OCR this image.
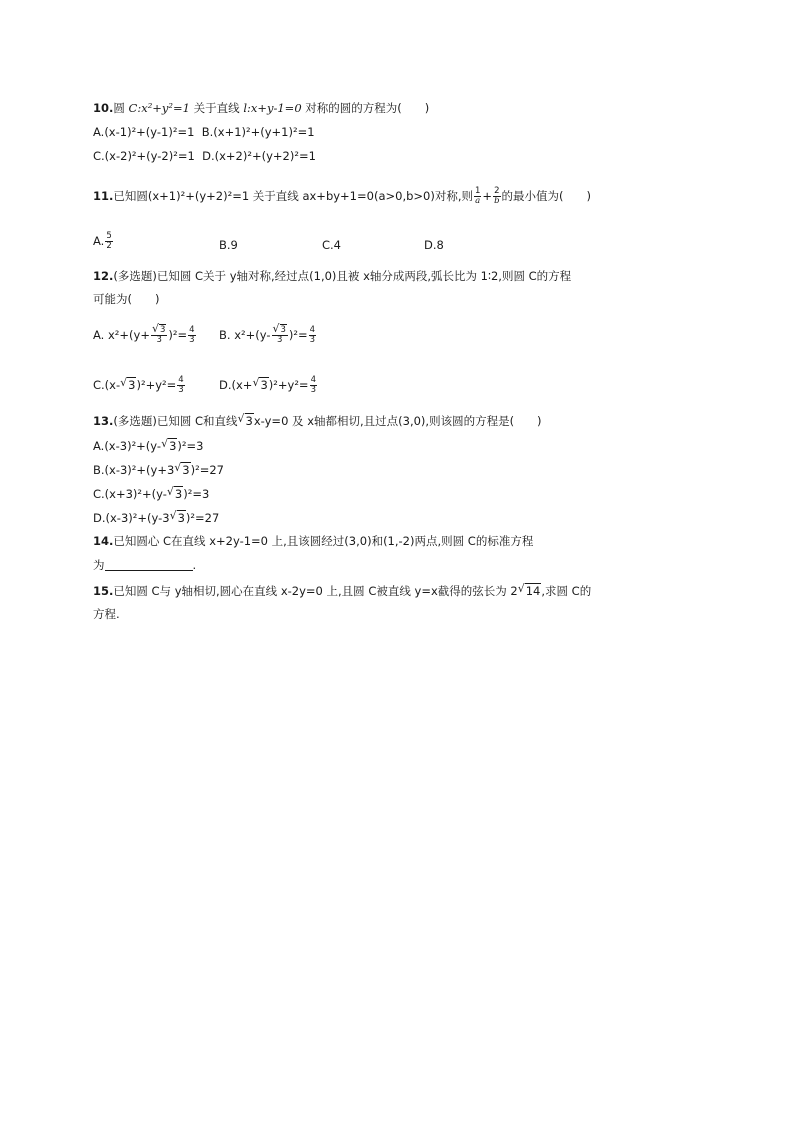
10.圆 C:x²+y²=1 关于直线 l:x+y-1=0 对称的圆的方程为(　　)
A.(x-1)²+(y-1)²=1 B.(x+1)²+(y+1)²=1
C.(x-2)²+(y-2)²=1 D.(x+2)²+(y+2)²=1
11.已知圆(x+1)²+(y+2)²=1 关于直线 ax+by+1=0(a>0,b>0)对称,则 $\frac{1}{a} + \frac{2}{b}$ 的最小值为(　　)
A. $\frac{5}{2}$	B.9	C.4	D.8
12.(多选题)已知圆 C关于 y轴对称,经过点(1,0)且被 x轴分成两段,弧长比为 1∶2,则圆 C的方程
可能为(　　)
A. $x^2+(y+ \frac{√ 3}{3} )^2= \frac{4}{3} B$. $x^2+(y- \frac{√ 3}{3} )^2= \frac{4}{3}$
C.(x- √ $3)^2+y^2= \frac{4}{3}$	D.(x+ √ $3)^2+y^2= \frac{4}{3}$
13.(多选题)已知圆 C和直线 √ 3x-y=0 及 x轴都相切,且过点(3,0),则该圆的方程是(　　)
A.(x-3)²+(y- √ 3)²=3
B.(x-3)²+(y+3 √ 3)²=27
C.(x+3)²+(y- √ 3)²=3
D.(x-3)²+(y-3 √ 3)²=27
14.已知圆心 C在直线 x+2y-1=0 上,且该圆经过(3,0)和(1,-2)两点,则圆 C的标准方程
为	.
15.已知圆 C与 y轴相切,圆心在直线 x-2y=0 上,且圆 C被直线 y=x截得的弦长为 2 √ 14,求圆 C的
方程.
